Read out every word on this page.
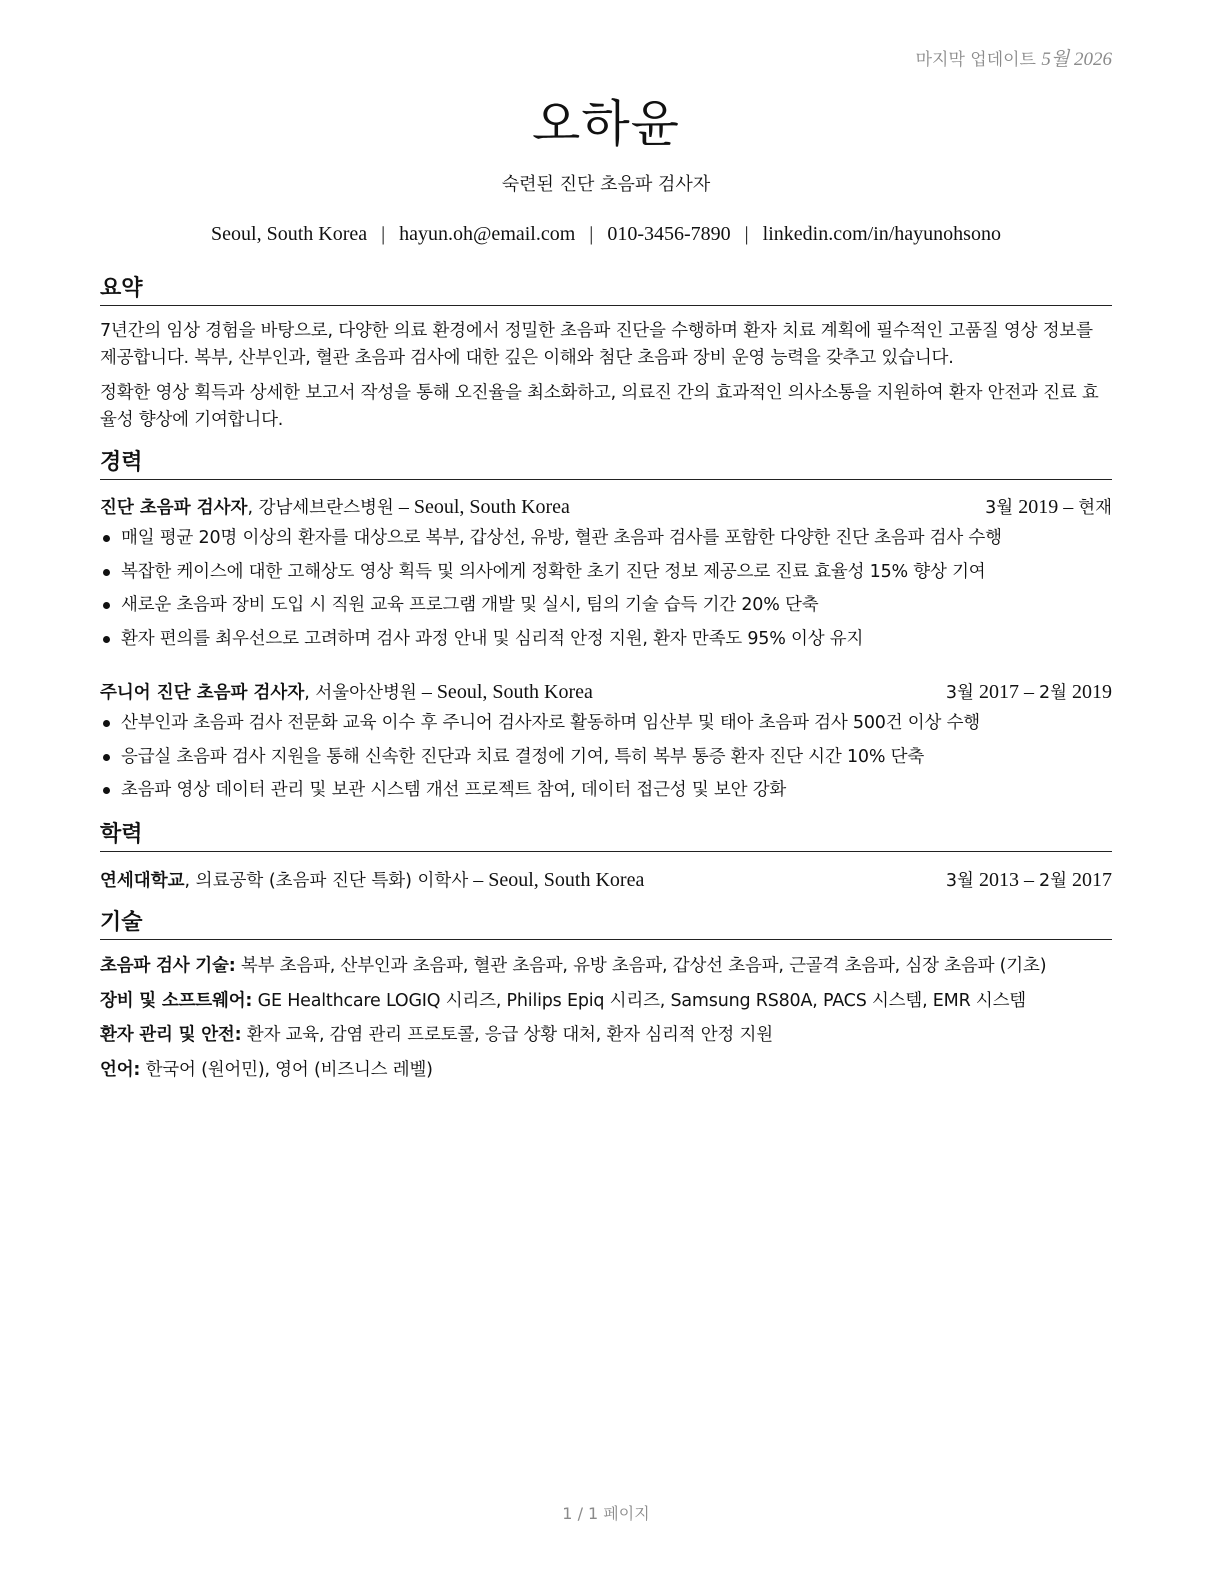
마지막 업데이트 5월 2026
오하윤
숙련된 진단 초음파 검사자
Seoul, South Korea | hayun.oh@email.com | 010-3456-7890 | linkedin.com/in/hayunohsono
요약
7년간의 임상 경험을 바탕으로, 다양한 의료 환경에서 정밀한 초음파 진단을 수행하며 환자 치료 계획에 필수적인 고품질 영상 정보를 제공합니다. 복부, 산부인과, 혈관 초음파 검사에 대한 깊은 이해와 첨단 초음파 장비 운영 능력을 갖추고 있습니다.
정확한 영상 획득과 상세한 보고서 작성을 통해 오진율을 최소화하고, 의료진 간의 효과적인 의사소통을 지원하여 환자 안전과 진료 효율성 향상에 기여합니다.
경력
진단 초음파 검사자, 강남세브란스병원 – Seoul, South Korea	3월 2019 – 현재
매일 평균 20명 이상의 환자를 대상으로 복부, 갑상선, 유방, 혈관 초음파 검사를 포함한 다양한 진단 초음파 검사 수행
복잡한 케이스에 대한 고해상도 영상 획득 및 의사에게 정확한 초기 진단 정보 제공으로 진료 효율성 15% 향상 기여
새로운 초음파 장비 도입 시 직원 교육 프로그램 개발 및 실시, 팀의 기술 습득 기간 20% 단축
환자 편의를 최우선으로 고려하며 검사 과정 안내 및 심리적 안정 지원, 환자 만족도 95% 이상 유지
주니어 진단 초음파 검사자, 서울아산병원 – Seoul, South Korea	3월 2017 – 2월 2019
산부인과 초음파 검사 전문화 교육 이수 후 주니어 검사자로 활동하며 임산부 및 태아 초음파 검사 500건 이상 수행
응급실 초음파 검사 지원을 통해 신속한 진단과 치료 결정에 기여, 특히 복부 통증 환자 진단 시간 10% 단축
초음파 영상 데이터 관리 및 보관 시스템 개선 프로젝트 참여, 데이터 접근성 및 보안 강화
학력
연세대학교, 의료공학 (초음파 진단 특화) 이학사 – Seoul, South Korea	3월 2013 – 2월 2017
기술
초음파 검사 기술: 복부 초음파, 산부인과 초음파, 혈관 초음파, 유방 초음파, 갑상선 초음파, 근골격 초음파, 심장 초음파 (기초)
장비 및 소프트웨어: GE Healthcare LOGIQ 시리즈, Philips Epiq 시리즈, Samsung RS80A, PACS 시스템, EMR 시스템
환자 관리 및 안전: 환자 교육, 감염 관리 프로토콜, 응급 상황 대처, 환자 심리적 안정 지원
언어: 한국어 (원어민), 영어 (비즈니스 레벨)
1 / 1 페이지
